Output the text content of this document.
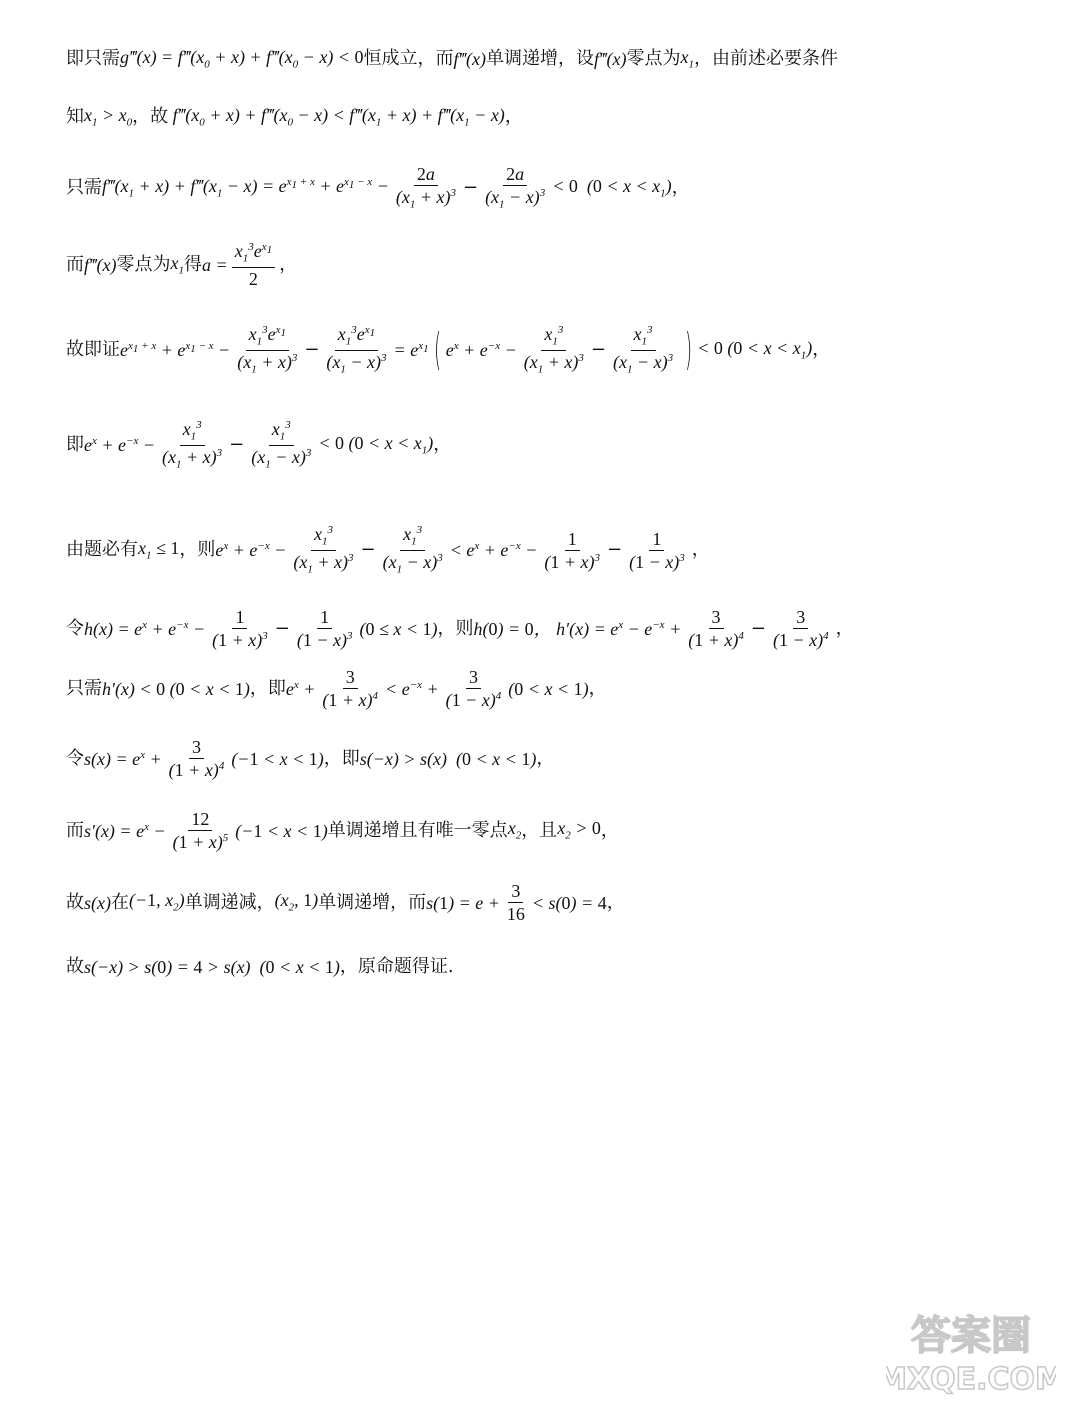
即只需 g‴(x) = $f‴(x_0 + x)$ + $f‴(x_0 - x) < 0$ 恒成立，而 f‴(x) 单调递增，设 f‴(x) 零点为 $x_1$ ，由前述必要条件
知 $x_1 > x_0$ ，故 $f‴(x_0 + x)$ + $f‴(x_0 - x)$ < $f‴(x_1 + x)$ + $f‴(x_1 - x)$ ，
只需 $f‴(x_1 + x)$ + $f‴(x_1 - x) = e^{x_1 + x} + e^{x_1 - x} - \frac{2a}{(x_1 + x)^3} - \frac{2a}{(x_1 - x)^3} < 0$  $(0 < x < x_1)$ ，
而 f‴(x) 零点为 $x_1$ 得 $a = \frac{x_1^3e^{x_1}}{2}$ ，
故即证 $e^{x_1 + x} + e^{x_1 - x} - \frac{x_1^3e^{x_1}}{(x_1 + x)^3} - \frac{x_1^3e^{x_1}}{(x_1 - x)^3} = e^{x_1}$ ( $e^x + e^{-x} - \frac{x_1^3}{(x_1 + x)^3} - \frac{x_1^3}{(x_1 - x)^3}$ ) < 0 $(0 < x < x_1)$ ，
即 $e^x + e^{-x} - \frac{x_1^3}{(x_1 + x)^3} - \frac{x_1^3}{(x_1 - x)^3} < 0$ $(0 < x < x_1)$ ，
由题必有 $x_1 \le 1$ ，则 $e^x + e^{-x} - \frac{x_1^3}{(x_1 + x)^3} - \frac{x_1^3}{(x_1 - x)^3} < e^x + e^{-x} - \frac{1}{(1 + x)^3} - \frac{1}{(1 - x)^3}$ ，
令 $h(x) = e^x + e^{-x} - \frac{1}{(1 + x)^3} - \frac{1}{(1 - x)^3} (0 \le x < 1)$ ，则 h(0) = 0， $h'(x) = e^x - e^{-x} + \frac{3}{(1 + x)^4} - \frac{3}{(1 - x)^4}$ ，
只需 h′(x) < 0 (0 < x < 1) ，即 $e^x + \frac{3}{(1 + x)^4} < e^{-x} + \frac{3}{(1 - x)^4} (0 < x < 1)$ ，
令 $s(x) = e^x + \frac{3}{(1 + x)^4} (-1 < x < 1)$ ，即 s(−x) > s(x)  (0 < x < 1) ，
而 $s'(x) = e^x - \frac{12}{(1 + x)^5} (-1 < x < 1)$ 单调递增且有唯一零点 $x_2$ ，且 $x_2 > 0$ ，
故 s(x) 在 (−1, $x_2$) 单调递减， ($x_2$, 1) 单调递增，而 $s(1) = e + \frac{3}{16} < s(0) = 4$ ，
故 s(−x) > s(0) = 4 > s(x)  (0 < x < 1) ，原命题得证.
答案圈
MXQE.COM
